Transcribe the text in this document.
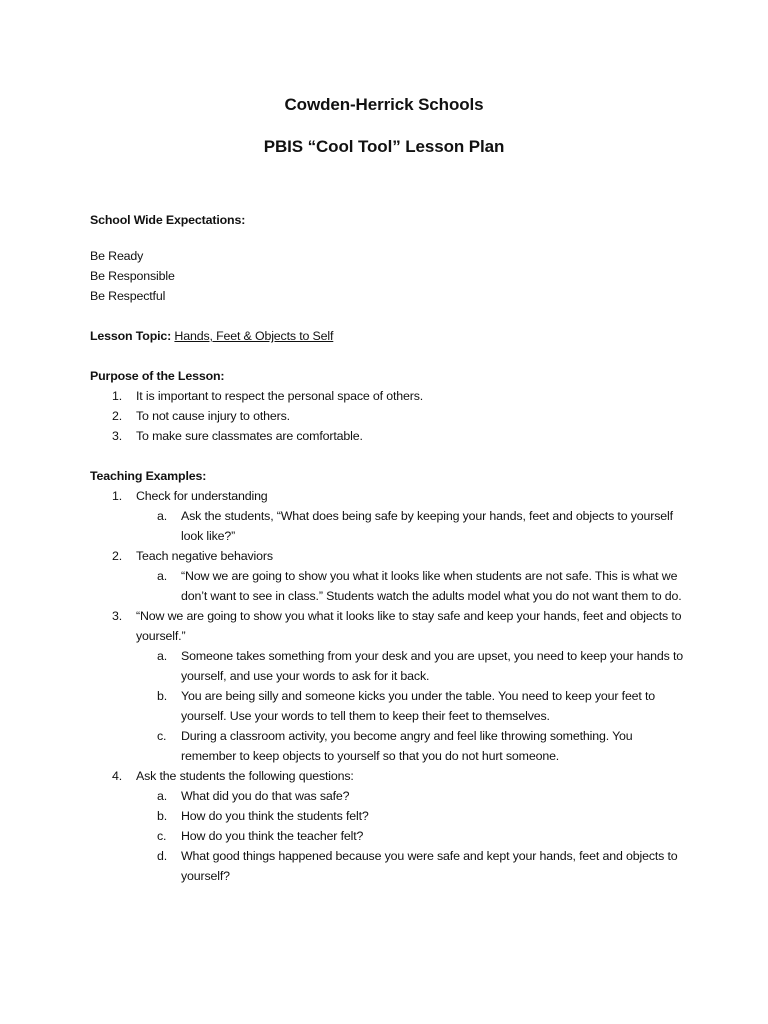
Cowden-Herrick Schools
PBIS “Cool Tool” Lesson Plan

School Wide Expectations:

Be Ready

Be Responsible

Be Respectful

Lesson Topic: Hands, Feet & Objects to Self

Purpose of the Lesson:

1. It is important to respect the personal space of others.
2. To not cause injury to others.
3. To make sure classmates are comfortable.

Teaching Examples:

1. Check for understanding
a. Ask the students, “What does being safe by keeping your hands, feet and objects to yourself look like?”
2. Teach negative behaviors
a. “Now we are going to show you what it looks like when students are not safe. This is what we don’t want to see in class.” Students watch the adults model what you do not want them to do.
3. “Now we are going to show you what it looks like to stay safe and keep your hands, feet and objects to yourself.”
a. Someone takes something from your desk and you are upset, you need to keep your hands to yourself, and use your words to ask for it back.
b. You are being silly and someone kicks you under the table. You need to keep your feet to yourself. Use your words to tell them to keep their feet to themselves.
c. During a classroom activity, you become angry and feel like throwing something. You remember to keep objects to yourself so that you do not hurt someone.
4. Ask the students the following questions:
a. What did you do that was safe?
b. How do you think the students felt?
c. How do you think the teacher felt?
d. What good things happened because you were safe and kept your hands, feet and objects to yourself?
